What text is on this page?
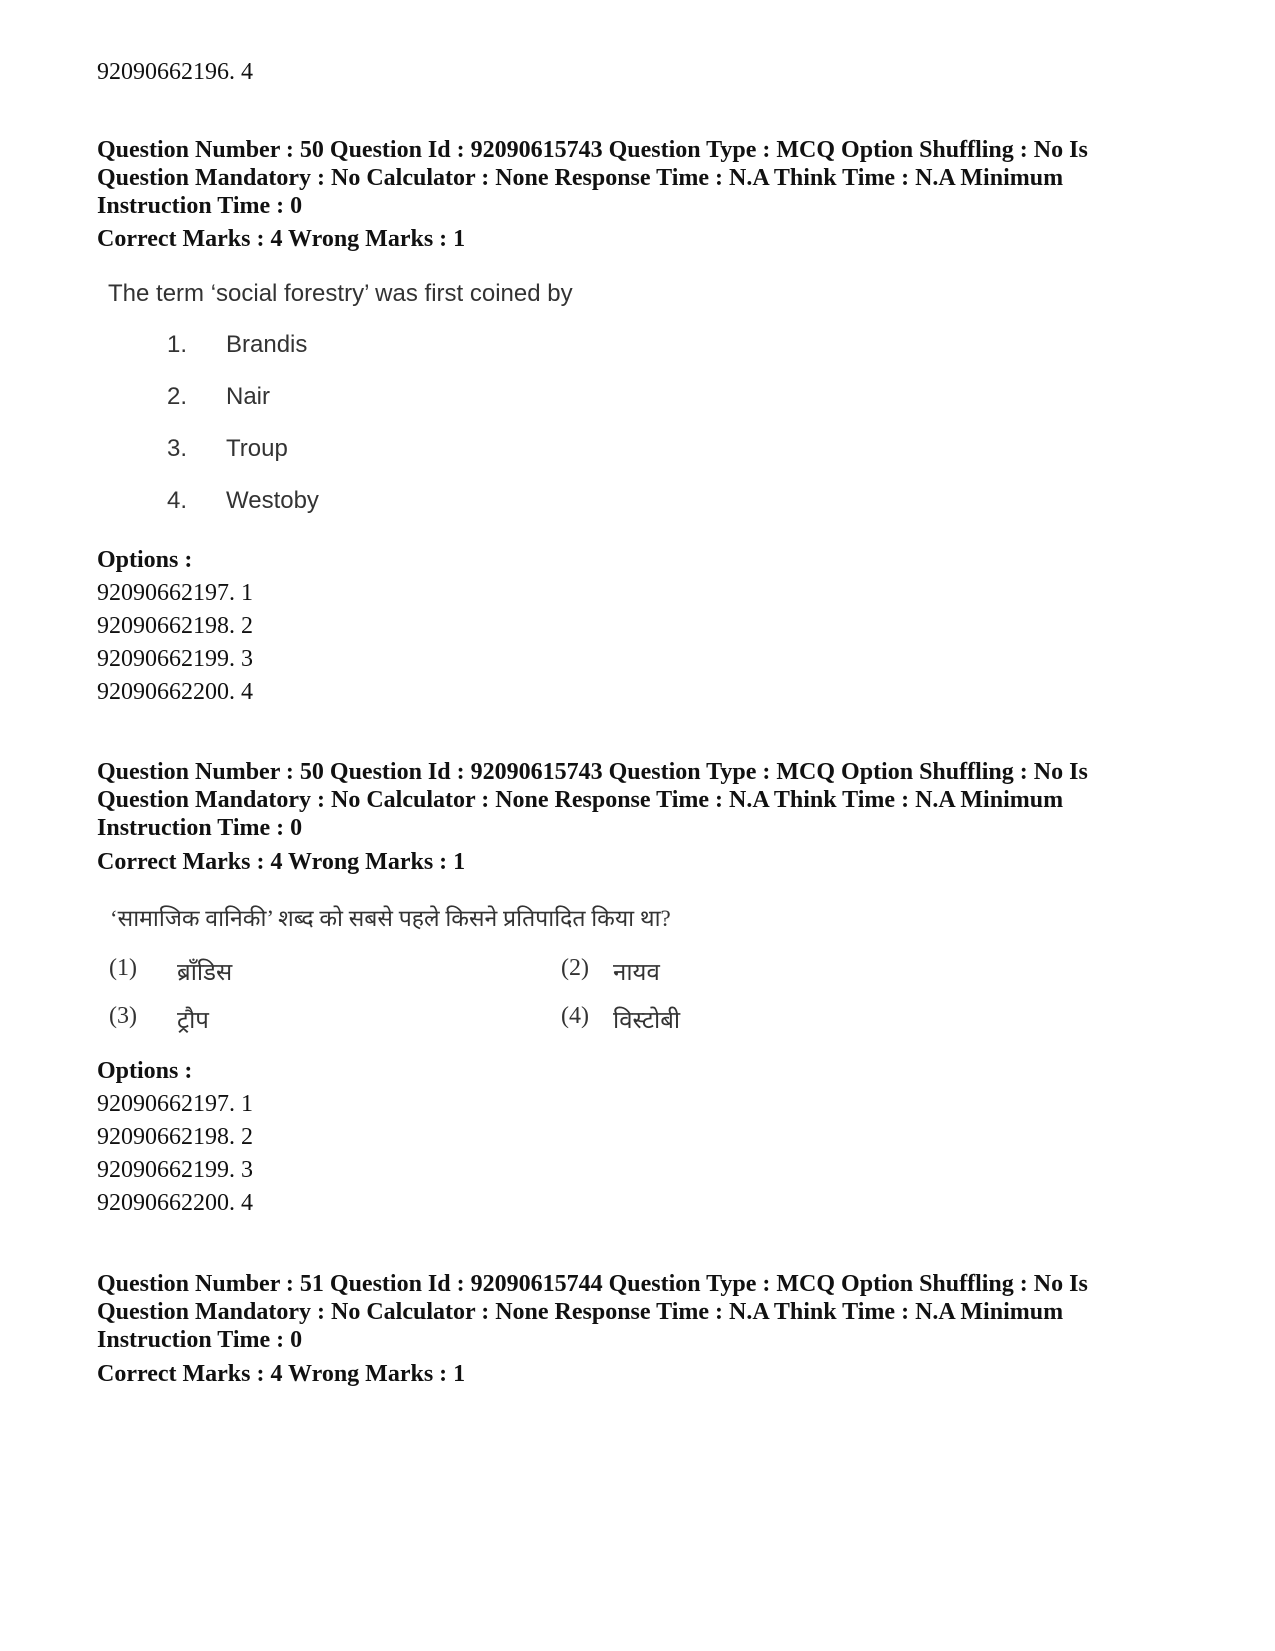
92090662196. 4
Question Number : 50 Question Id : 92090615743 Question Type : MCQ Option Shuffling : No Is
Question Mandatory : No Calculator : None Response Time : N.A Think Time : N.A Minimum
Instruction Time : 0
Correct Marks : 4 Wrong Marks : 1
The term ‘social forestry’ was first coined by
1. Brandis
2. Nair
3. Troup
4. Westoby
Options :
92090662197. 1
92090662198. 2
92090662199. 3
92090662200. 4
Question Number : 50 Question Id : 92090615743 Question Type : MCQ Option Shuffling : No Is
Question Mandatory : No Calculator : None Response Time : N.A Think Time : N.A Minimum
Instruction Time : 0
Correct Marks : 4 Wrong Marks : 1
‘सामाजिक वानिकी’ शब्द को सबसे पहले किसने प्रतिपादित किया था?
(1) ब्राँडिस	(2) नायव
(3) ट्रौप	(4) विस्टोबी
Options :
92090662197. 1
92090662198. 2
92090662199. 3
92090662200. 4
Question Number : 51 Question Id : 92090615744 Question Type : MCQ Option Shuffling : No Is
Question Mandatory : No Calculator : None Response Time : N.A Think Time : N.A Minimum
Instruction Time : 0
Correct Marks : 4 Wrong Marks : 1
